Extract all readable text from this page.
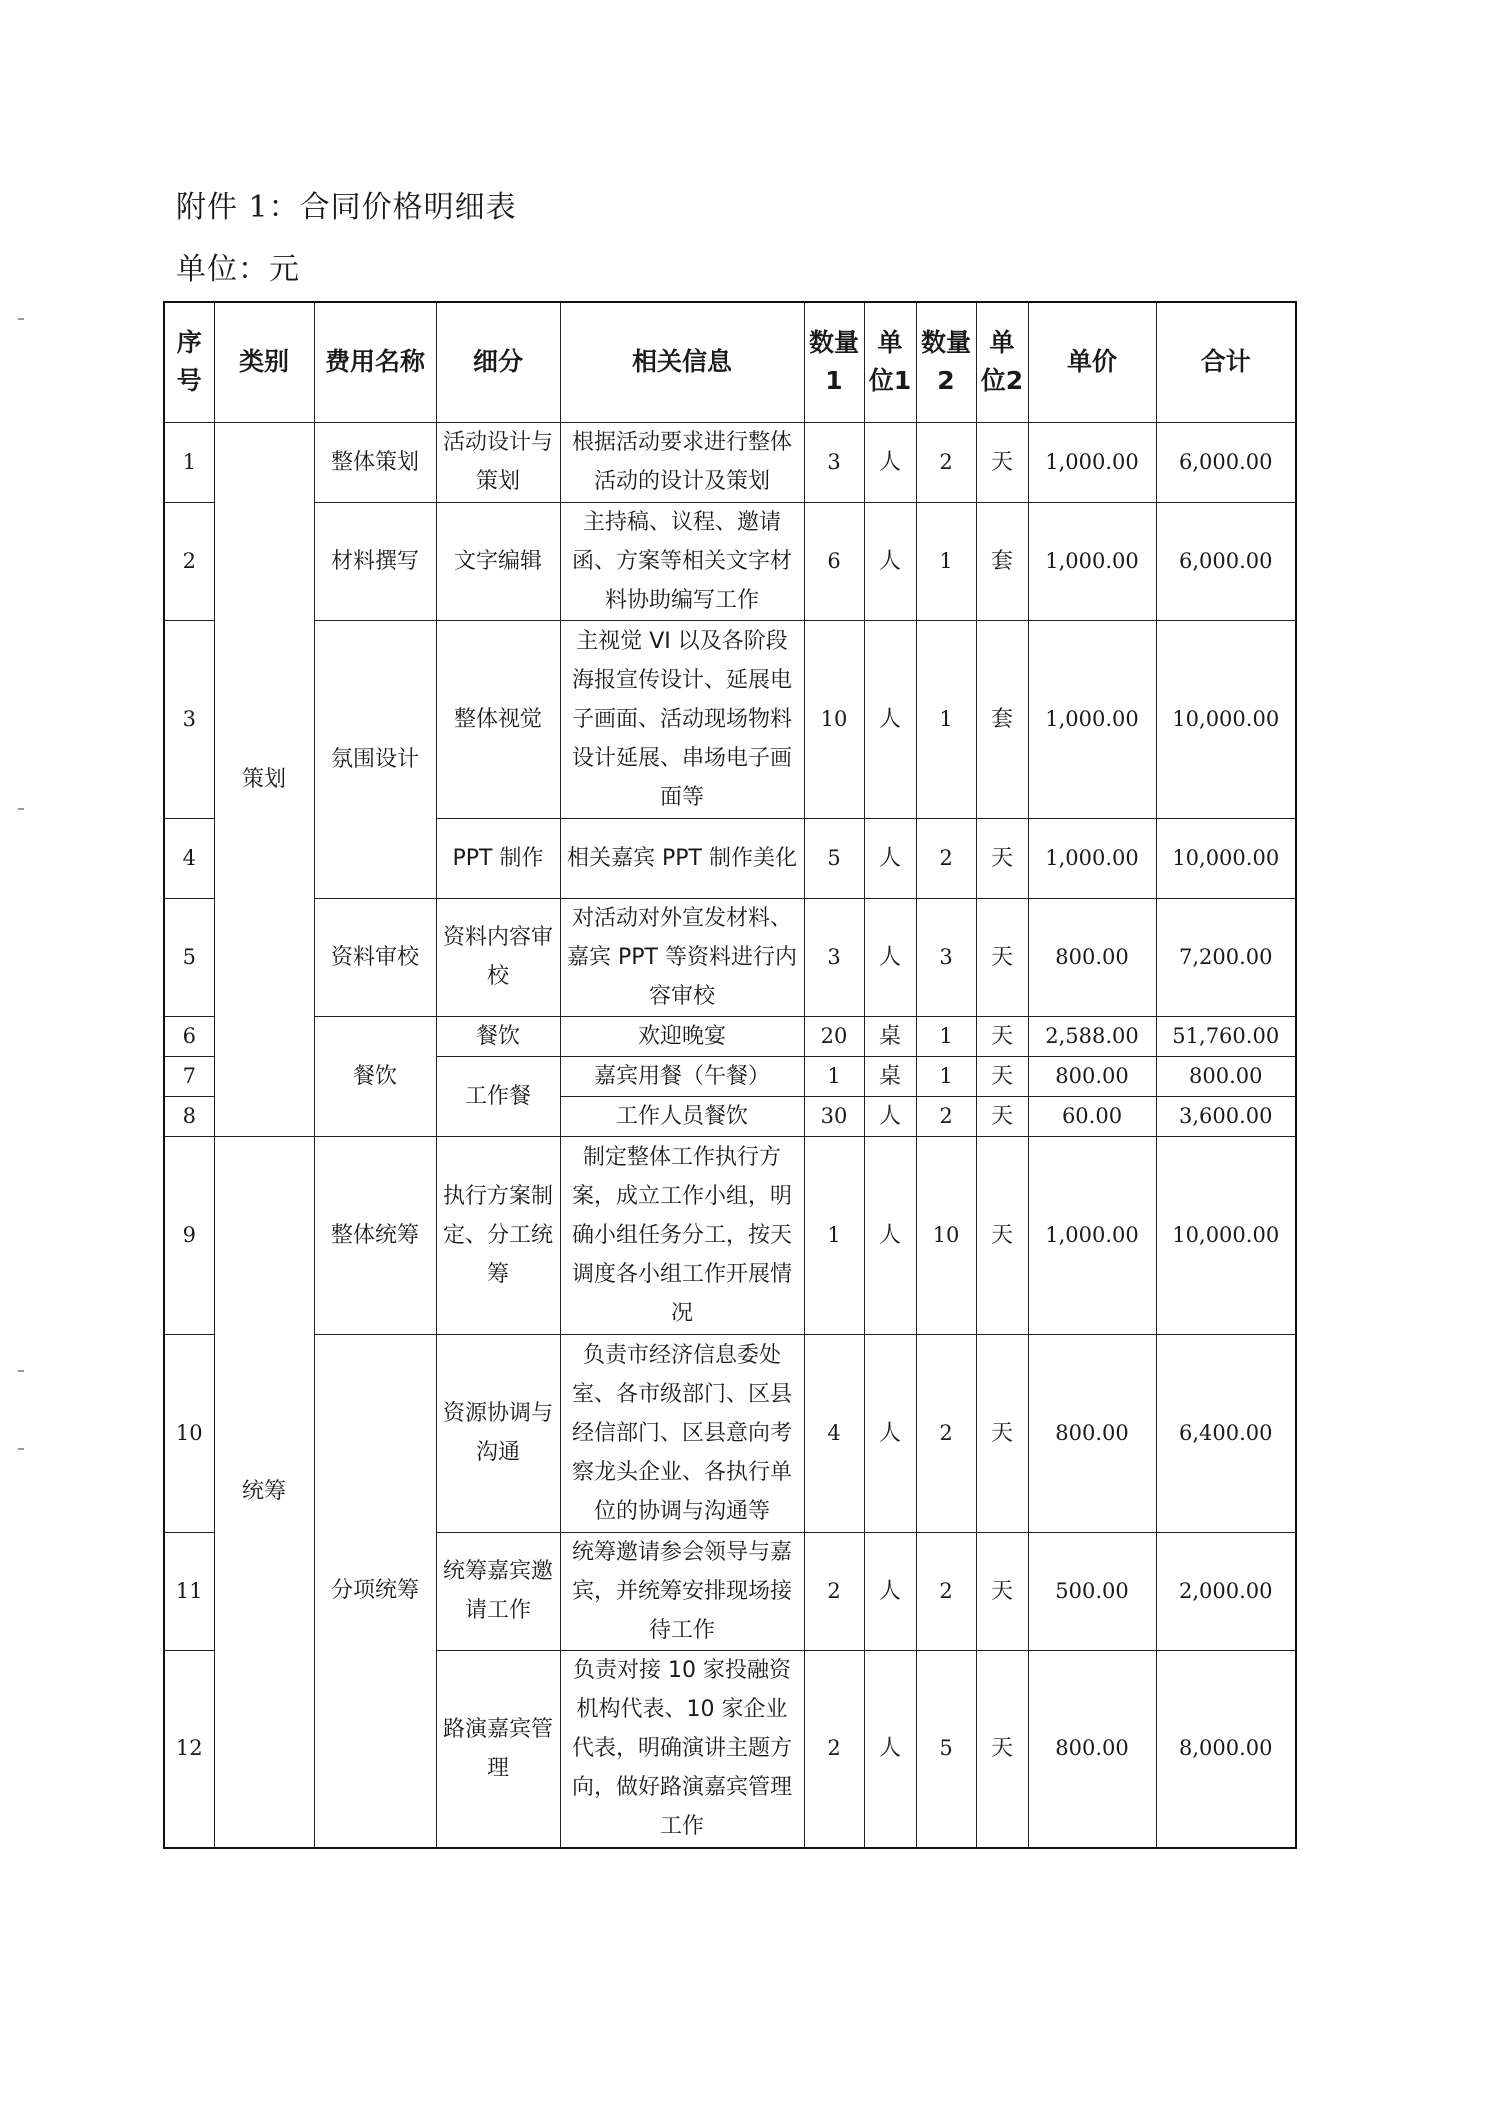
附件 1：合同价格明细表
单位：元
序号	类别	费用名称	细分	相关信息	数量1	单位1	数量2	单位2	单价	合计
1	策划	整体策划	活动设计与策划	根据活动要求进行整体活动的设计及策划	3	人	2	天	1,000.00	6,000.00
2		材料撰写	文字编辑	主持稿、议程、邀请函、方案等相关文字材料协助编写工作	6	人	1	套	1,000.00	6,000.00
3		氛围设计	整体视觉	主视觉 VI 以及各阶段海报宣传设计、延展电子画面、活动现场物料设计延展、串场电子画面等	10	人	1	套	1,000.00	10,000.00
4			PPT 制作	相关嘉宾 PPT 制作美化	5	人	2	天	1,000.00	10,000.00
5		资料审校	资料内容审校	对活动对外宣发材料、嘉宾 PPT 等资料进行内容审校	3	人	3	天	800.00	7,200.00
6		餐饮	餐饮	欢迎晚宴	20	桌	1	天	2,588.00	51,760.00
7			工作餐	嘉宾用餐（午餐）	1	桌	1	天	800.00	800.00
8				工作人员餐饮	30	人	2	天	60.00	3,600.00
9	统筹	整体统筹	执行方案制定、分工统筹	制定整体工作执行方案，成立工作小组，明确小组任务分工，按天调度各小组工作开展情况	1	人	10	天	1,000.00	10,000.00
10		分项统筹	资源协调与沟通	负责市经济信息委处室、各市级部门、区县经信部门、区县意向考察龙头企业、各执行单位的协调与沟通等	4	人	2	天	800.00	6,400.00
11			统筹嘉宾邀请工作	统筹邀请参会领导与嘉宾，并统筹安排现场接待工作	2	人	2	天	500.00	2,000.00
12			路演嘉宾管理	负责对接 10 家投融资机构代表、10 家企业代表，明确演讲主题方向，做好路演嘉宾管理工作	2	人	5	天	800.00	8,000.00
